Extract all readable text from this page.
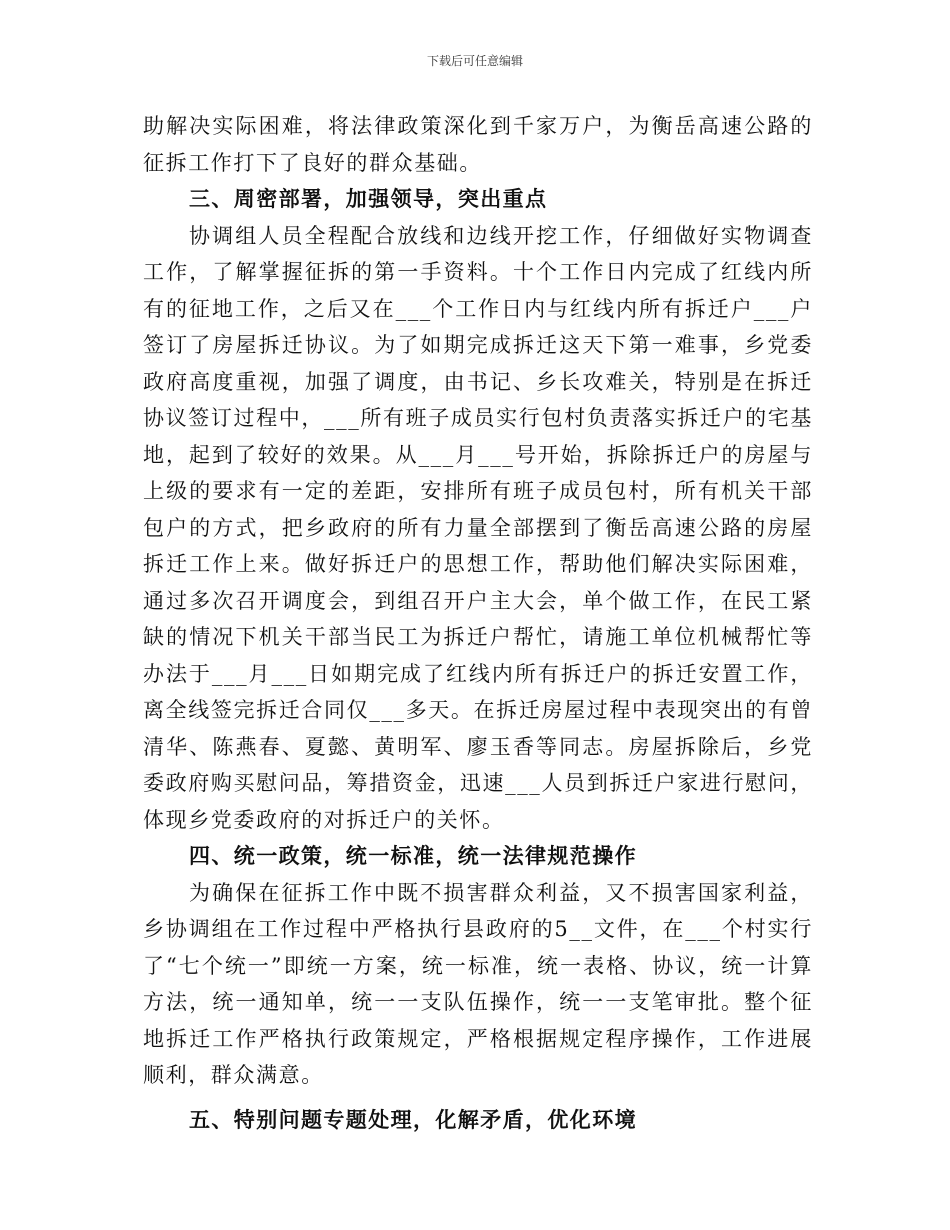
下载后可任意编辑

助解决实际困难，将法律政策深化到千家万户，为衡岳高速公路的征拆工作打下了良好的群众基础。

三、周密部署，加强领导，突出重点

协调组人员全程配合放线和边线开挖工作，仔细做好实物调查工作，了解掌握征拆的第一手资料。十个工作日内完成了红线内所有的征地工作，之后又在___个工作日内与红线内所有拆迁户___户签订了房屋拆迁协议。为了如期完成拆迁这天下第一难事，乡党委政府高度重视，加强了调度，由书记、乡长攻难关，特别是在拆迁协议签订过程中，___所有班子成员实行包村负责落实拆迁户的宅基地，起到了较好的效果。从___月___号开始，拆除拆迁户的房屋与上级的要求有一定的差距，安排所有班子成员包村，所有机关干部包户的方式，把乡政府的所有力量全部摆到了衡岳高速公路的房屋拆迁工作上来。做好拆迁户的思想工作，帮助他们解决实际困难，通过多次召开调度会，到组召开户主大会，单个做工作，在民工紧缺的情况下机关干部当民工为拆迁户帮忙，请施工单位机械帮忙等办法于___月___日如期完成了红线内所有拆迁户的拆迁安置工作，离全线签完拆迁合同仅___多天。在拆迁房屋过程中表现突出的有曾清华、陈燕春、夏懿、黄明军、廖玉香等同志。房屋拆除后，乡党委政府购买慰问品，筹措资金，迅速___人员到拆迁户家进行慰问，体现乡党委政府的对拆迁户的关怀。

四、统一政策，统一标准，统一法律规范操作

为确保在征拆工作中既不损害群众利益，又不损害国家利益，乡协调组在工作过程中严格执行县政府的5__文件，在___个村实行了“七个统一”即统一方案，统一标准，统一表格、协议，统一计算方法，统一通知单，统一一支队伍操作，统一一支笔审批。整个征地拆迁工作严格执行政策规定，严格根据规定程序操作，工作进展顺利，群众满意。

五、特别问题专题处理，化解矛盾，优化环境
